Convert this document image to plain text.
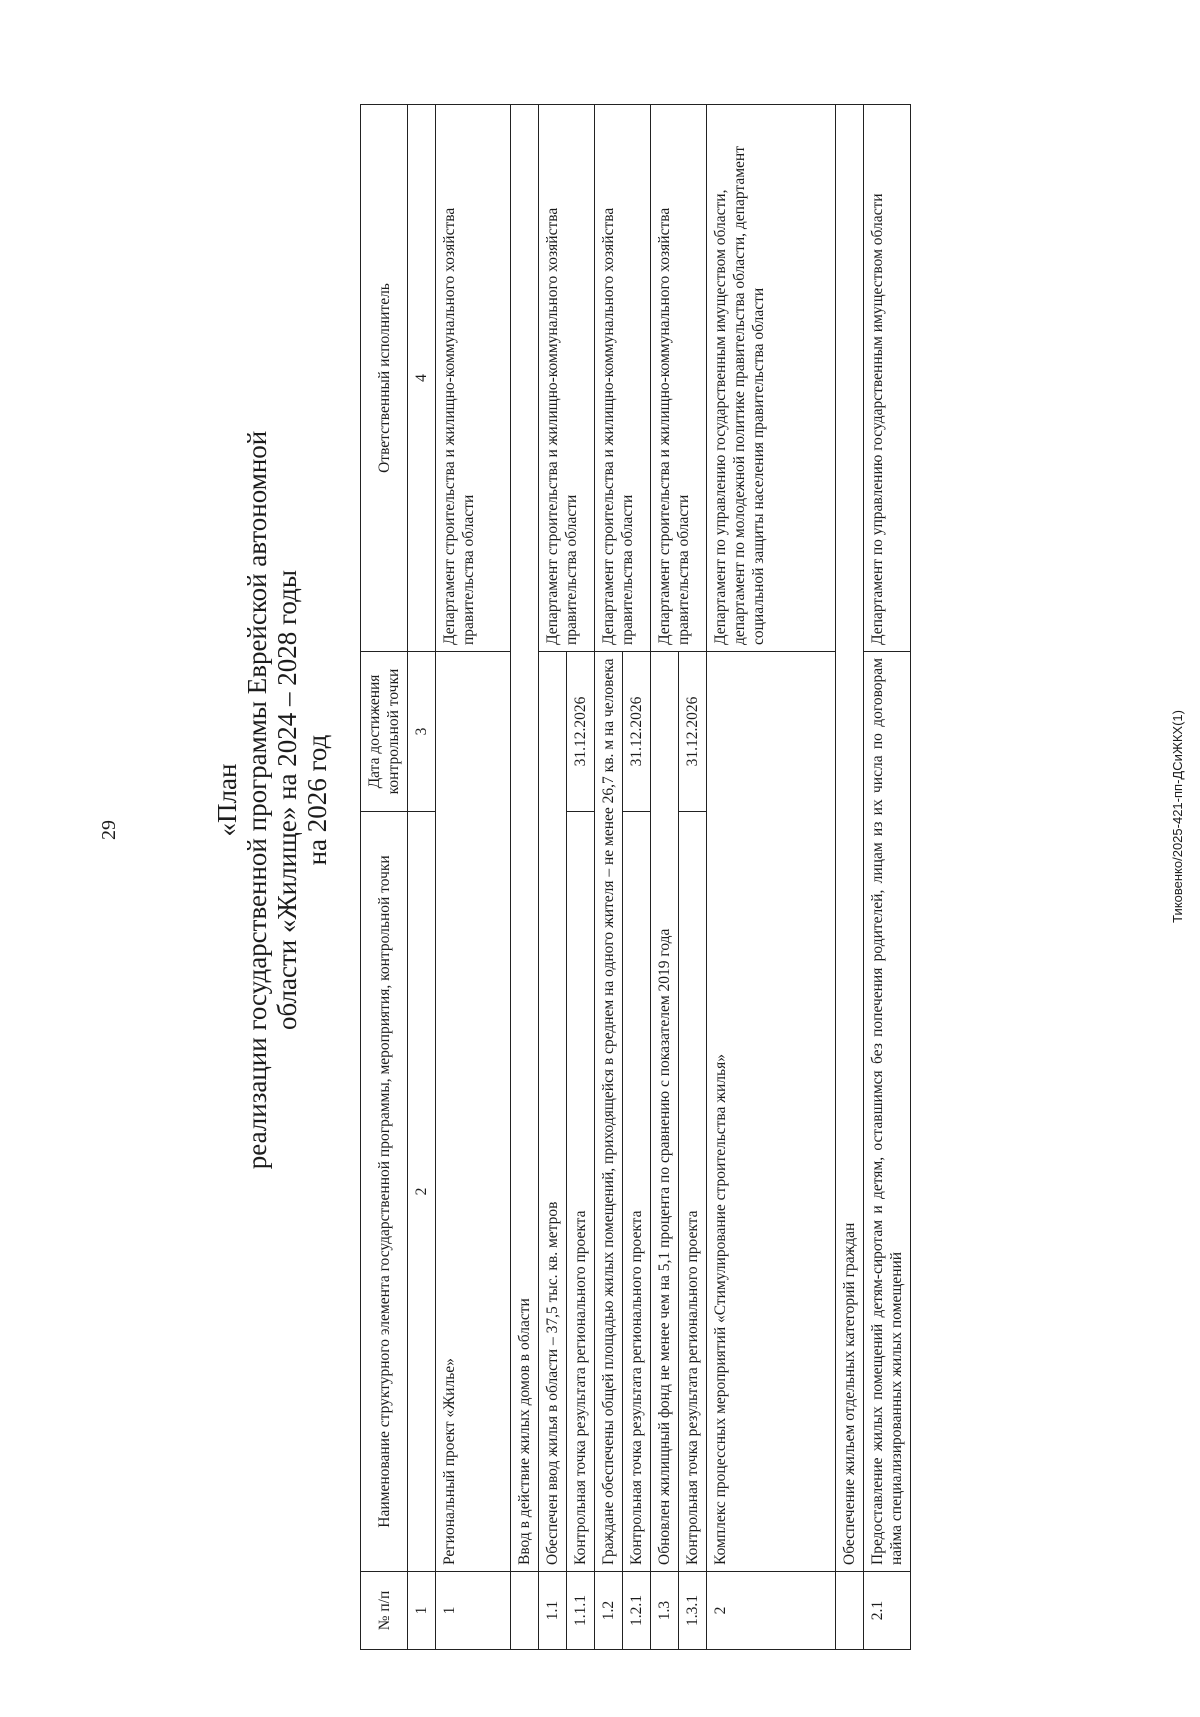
29	«План реализации государственной программы Еврейской автономной области «Жилище» на 2024 – 2028 годы на 2026 год

№ п/п	Наименование структурного элемента государственной программы, мероприятия, контрольной точки	Дата достижения контрольной точки	Ответственный исполнитель
1	2	3	4
1	Региональный проект «Жилье»		Департамент строительства и жилищно-коммунального хозяйства правительства области
	Ввод в действие жилых домов в области		
1.1	Обеспечен ввод жилья в области – 37,5 тыс. кв. метров		Департамент строительства и жилищно-коммунального хозяйства правительства области
1.1.1	Контрольная точка результата регионального проекта	31.12.2026	
1.2	Граждане обеспечены общей площадью жилых помещений, приходящейся в среднем на одного жителя – не менее 26,7 кв. м на человека		Департамент строительства и жилищно-коммунального хозяйства правительства области
1.2.1	Контрольная точка результата регионального проекта	31.12.2026	
1.3	Обновлен жилищный фонд не менее чем на 5,1 процента по сравнению с показателем 2019 года		Департамент строительства и жилищно-коммунального хозяйства правительства области
1.3.1	Контрольная точка результата регионального проекта	31.12.2026	
2	Комплекс процессных мероприятий «Стимулирование строительства жилья»		Департамент по управлению государственным имуществом области, департамент по молодежной политике правительства области, департамент социальной защиты населения правительства области
	Обеспечение жильем отдельных категорий граждан		
2.1	Предоставление жилых помещений детям-сиротам и детям, оставшимся без попечения родителей, лицам из их числа по договорам найма специализированных жилых помещений		Департамент по управлению государственным имуществом области
Тиковенко/2025-421-пп-ДСиЖКХ(1)
